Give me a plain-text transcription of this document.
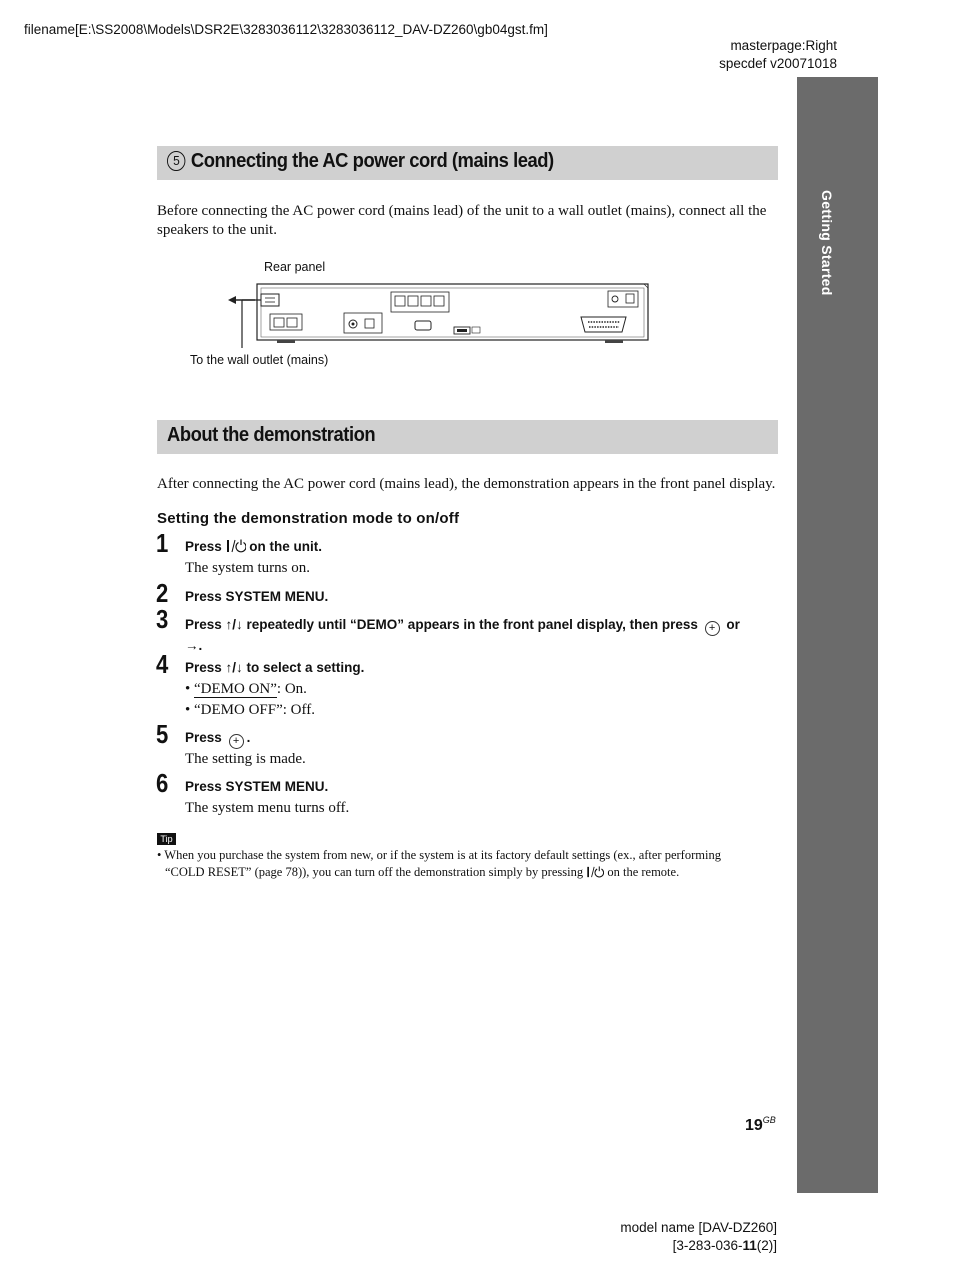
filename[E:\SS2008\Models\DSR2E\3283036112\3283036112_DAV-DZ260\gb04gst.fm]
masterpage:Right
specdef v20071018
Getting Started
5 Connecting the AC power cord (mains lead)
Before connecting the AC power cord (mains lead) of the unit to a wall outlet (mains), connect all the speakers to the unit.
Rear panel
To the wall outlet (mains)
About the demonstration
After connecting the AC power cord (mains lead), the demonstration appears in the front panel display.
Setting the demonstration mode to on/off
1 Press  on the unit.
The system turns on.
2 Press SYSTEM MENU.
3 Press ↑/↓ repeatedly until “DEMO” appears in the front panel display, then press + or
→.
4 Press ↑/↓ to select a setting.
• “DEMO ON”: On.
• “DEMO OFF”: Off.
5 Press + .
The setting is made.
6 Press SYSTEM MENU.
The system menu turns off.
Tip
• When you purchase the system from new, or if the system is at its factory default settings (ex., after performing
“COLD RESET” (page 78)), you can turn off the demonstration simply by pressing on the remote.
$19^{GB}$
model name [DAV-DZ260]
[3-283-036-11(2)]
